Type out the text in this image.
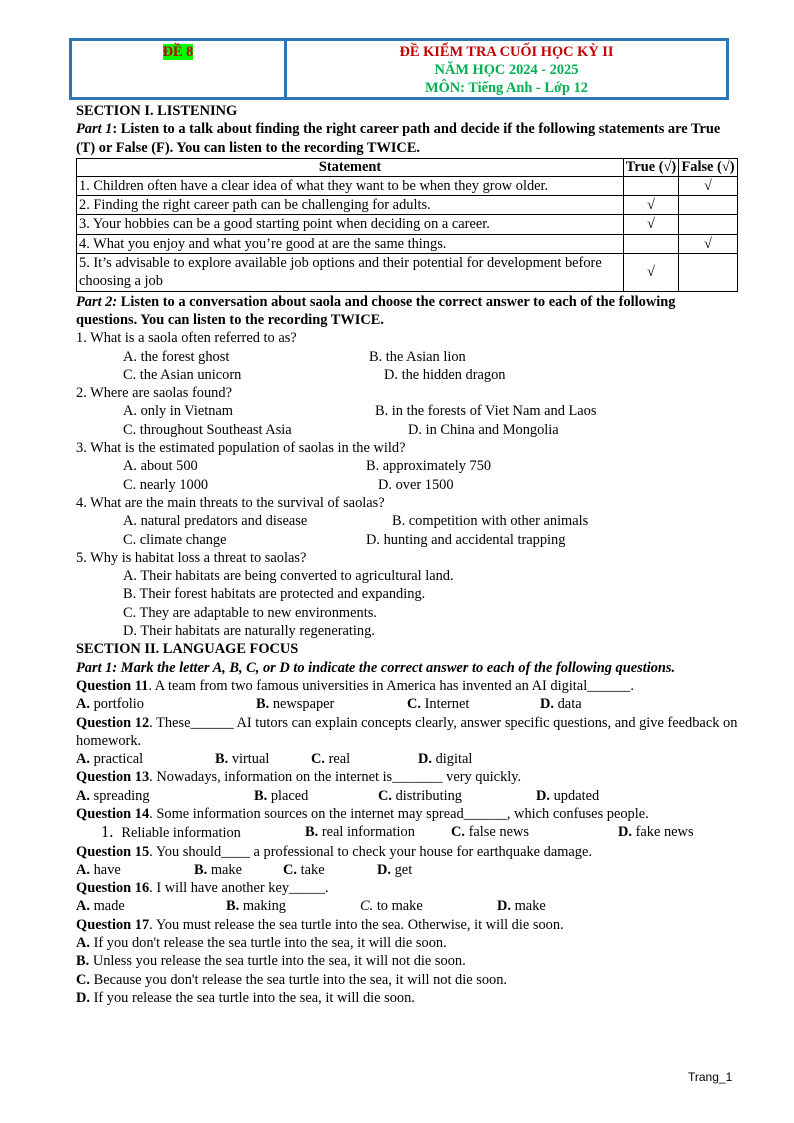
ĐỀ 8	ĐỀ KIỂM TRA CUỐI HỌC KỲ II
NĂM HỌC 2024 - 2025
MÔN: Tiếng Anh - Lớp 12

SECTION I. LISTENING

Part 1: Listen to a talk about finding the right career path and decide if the following statements are True (T) or False (F). You can listen to the recording TWICE.

Statement	True (√)	False (√)
1. Children often have a clear idea of what they want to be when they grow older.		√
2. Finding the right career path can be challenging for adults.	√	
3. Your hobbies can be a good starting point when deciding on a career.	√	
4. What you enjoy and what you’re good at are the same things.		√
5. It’s advisable to explore available job options and their potential for development before choosing a job	√	

Part 2: Listen to a conversation about saola and choose the correct answer to each of the following questions. You can listen to the recording TWICE.

1. What is a saola often referred to as?

A. the forest ghost	B. the Asian lion
C. the Asian unicorn	D. the hidden dragon

2. Where are saolas found?

A. only in Vietnam	B. in the forests of Viet Nam and Laos
C. throughout Southeast Asia	D. in China and Mongolia

3. What is the estimated population of saolas in the wild?

A. about 500	B. approximately 750
C. nearly 1000	D. over 1500

4. What are the main threats to the survival of saolas?

A. natural predators and disease	B. competition with other animals
C. climate change	D. hunting and accidental trapping

5. Why is habitat loss a threat to saolas?

A. Their habitats are being converted to agricultural land.

B. Their forest habitats are protected and expanding.

C. They are adaptable to new environments.

D. Their habitats are naturally regenerating.

SECTION II. LANGUAGE FOCUS

Part 1: Mark the letter A, B, C, or D to indicate the correct answer to each of the following questions.

Question 11. A team from two famous universities in America has invented an AI digital______.

A. portfolio	B. newspaper	C. Internet	D. data

Question 12. These______ AI tutors can explain concepts clearly, answer specific questions, and give feedback on homework.

A. practical	B. virtual	C. real	D. digital

Question 13. Nowadays, information on the internet is_______ very quickly.

A. spreading	B. placed	C. distributing	D. updated

Question 14. Some information sources on the internet may spread______, which confuses people.

1. Reliable information	B. real information	C. false news	D. fake news

Question 15. You should____ a professional to check your house for earthquake damage.

A. have	B. make	C. take	D. get

Question 16. I will have another key_____.

A. made	B. making	C. to make	D. make

Question 17. You must release the sea turtle into the sea. Otherwise, it will die soon.

A. If you don't release the sea turtle into the sea, it will die soon.

B. Unless you release the sea turtle into the sea, it will not die soon.

C. Because you don't release the sea turtle into the sea, it will not die soon.

D. If you release the sea turtle into the sea, it will die soon.

Trang_1
